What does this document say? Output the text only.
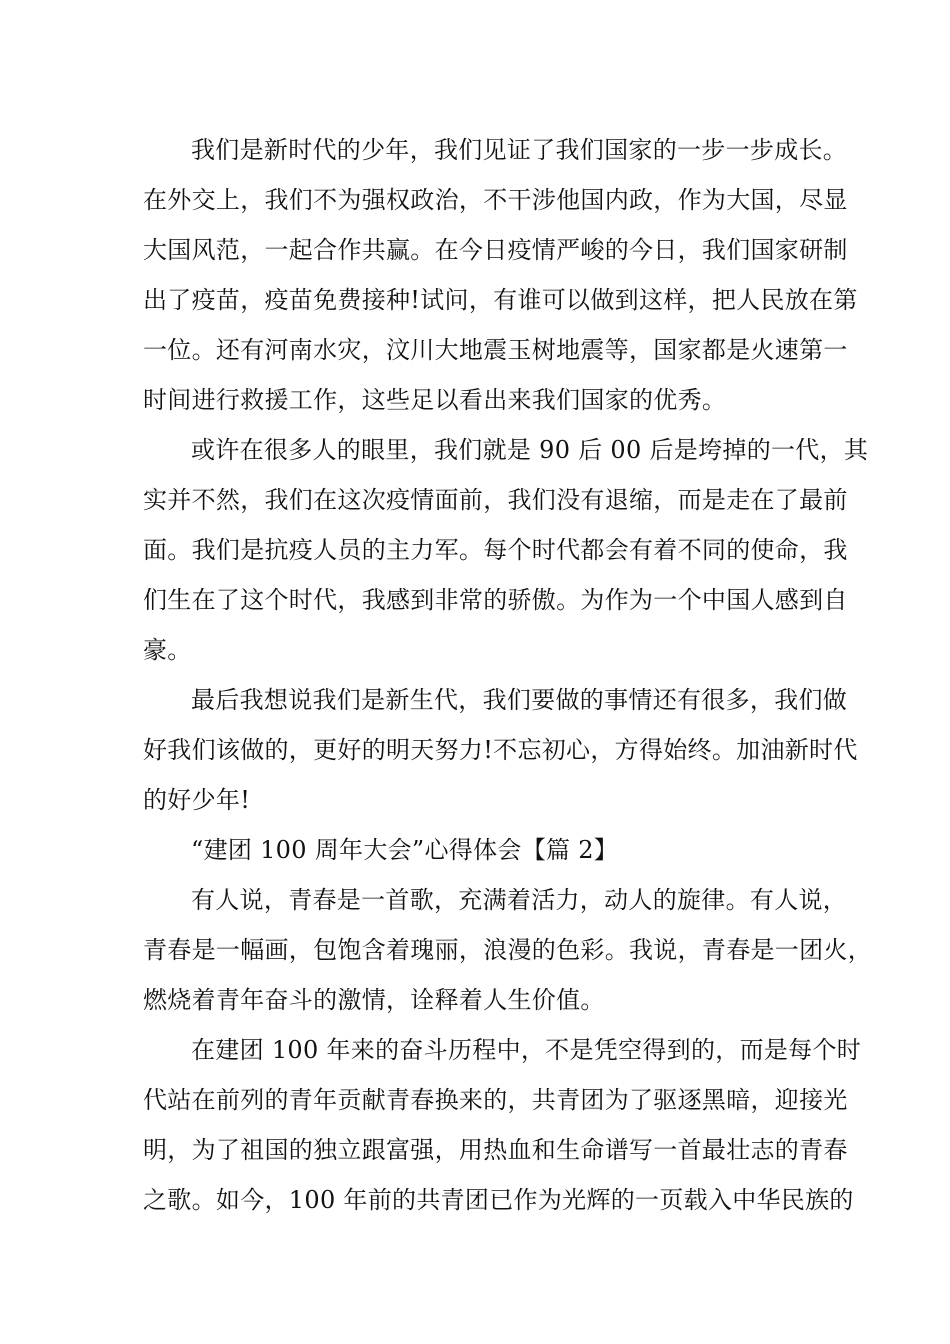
我们是新时代的少年，我们见证了我们国家的一步一步成长。
在外交上，我们不为强权政治，不干涉他国内政，作为大国，尽显
大国风范，一起合作共赢。在今日疫情严峻的今日，我们国家研制
出了疫苗，疫苗免费接种!试问，有谁可以做到这样，把人民放在第
一位。还有河南水灾，汶川大地震玉树地震等，国家都是火速第一
时间进行救援工作，这些足以看出来我们国家的优秀。
或许在很多人的眼里，我们就是 90 后 00 后是垮掉的一代，其
实并不然，我们在这次疫情面前，我们没有退缩，而是走在了最前
面。我们是抗疫人员的主力军。每个时代都会有着不同的使命，我
们生在了这个时代，我感到非常的骄傲。为作为一个中国人感到自
豪。
最后我想说我们是新生代，我们要做的事情还有很多，我们做
好我们该做的，更好的明天努力!不忘初心，方得始终。加油新时代
的好少年!
“建团 100 周年大会”心得体会【篇 2】
有人说，青春是一首歌，充满着活力，动人的旋律。有人说，
青春是一幅画，包饱含着瑰丽，浪漫的色彩。我说，青春是一团火，
燃烧着青年奋斗的激情，诠释着人生价值。
在建团 100 年来的奋斗历程中，不是凭空得到的，而是每个时
代站在前列的青年贡献青春换来的，共青团为了驱逐黑暗，迎接光
明，为了祖国的独立跟富强，用热血和生命谱写一首最壮志的青春
之歌。如今，100 年前的共青团已作为光辉的一页载入中华民族的
